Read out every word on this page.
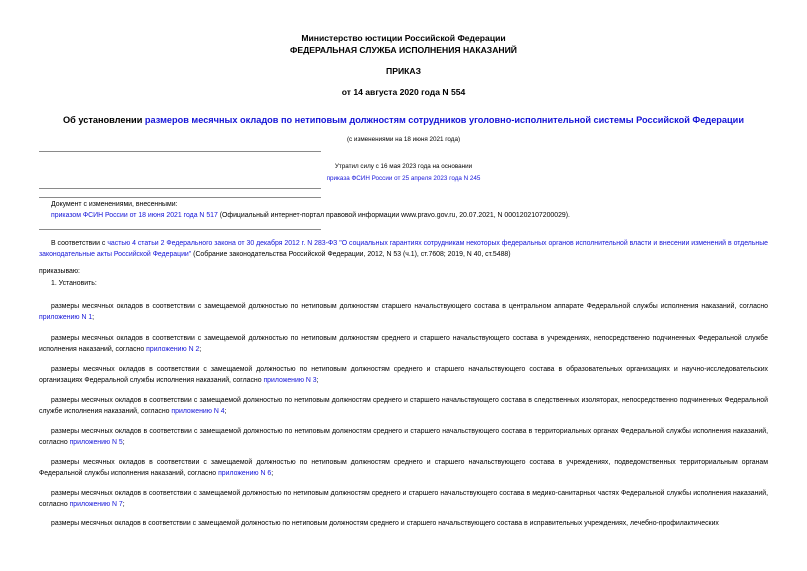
Министерство юстиции Российской Федерации
ФЕДЕРАЛЬНАЯ СЛУЖБА ИСПОЛНЕНИЯ НАКАЗАНИЙ
ПРИКАЗ
от 14 августа 2020 года N 554
Об установлении размеров месячных окладов по нетиповым должностям сотрудников уголовно-исполнительной системы Российской Федерации
(с изменениями на 18 июня 2021 года)
Утратил силу с 16 мая 2023 года на основании
приказа ФСИН России от 25 апреля 2023 года N 245
Документ с изменениями, внесенными:
приказом ФСИН России от 18 июня 2021 года N 517 (Официальный интернет-портал правовой информации www.pravo.gov.ru, 20.07.2021, N 0001202107200029).
В соответствии с частью 4 статьи 2 Федерального закона от 30 декабря 2012 г. N 283-ФЗ "О социальных гарантиях сотрудникам некоторых федеральных органов исполнительной власти и внесении изменений в отдельные законодательные акты Российской Федерации" (Собрание законодательства Российской Федерации, 2012, N 53 (ч.1), ст.7608; 2019, N 40, ст.5488)
приказываю:
1. Установить:
размеры месячных окладов в соответствии с замещаемой должностью по нетиповым должностям старшего начальствующего состава в центральном аппарате Федеральной службы исполнения наказаний, согласно приложению N 1;
размеры месячных окладов в соответствии с замещаемой должностью по нетиповым должностям среднего и старшего начальствующего состава в учреждениях, непосредственно подчиненных Федеральной службе исполнения наказаний, согласно приложению N 2;
размеры месячных окладов в соответствии с замещаемой должностью по нетиповым должностям среднего и старшего начальствующего состава в образовательных организациях и научно-исследовательских организациях Федеральной службы исполнения наказаний, согласно приложению N 3;
размеры месячных окладов в соответствии с замещаемой должностью по нетиповым должностям среднего и старшего начальствующего состава в следственных изоляторах, непосредственно подчиненных Федеральной службе исполнения наказаний, согласно приложению N 4;
размеры месячных окладов в соответствии с замещаемой должностью по нетиповым должностям среднего и старшего начальствующего состава в территориальных органах Федеральной службы исполнения наказаний, согласно приложению N 5;
размеры месячных окладов в соответствии с замещаемой должностью по нетиповым должностям среднего и старшего начальствующего состава в учреждениях, подведомственных территориальным органам Федеральной службы исполнения наказаний, согласно приложению N 6;
размеры месячных окладов в соответствии с замещаемой должностью по нетиповым должностям среднего и старшего начальствующего состава в медико-санитарных частях Федеральной службы исполнения наказаний, согласно приложению N 7;
размеры месячных окладов в соответствии с замещаемой должностью по нетиповым должностям среднего и старшего начальствующего состава в исправительных учреждениях, лечебно-профилактических
